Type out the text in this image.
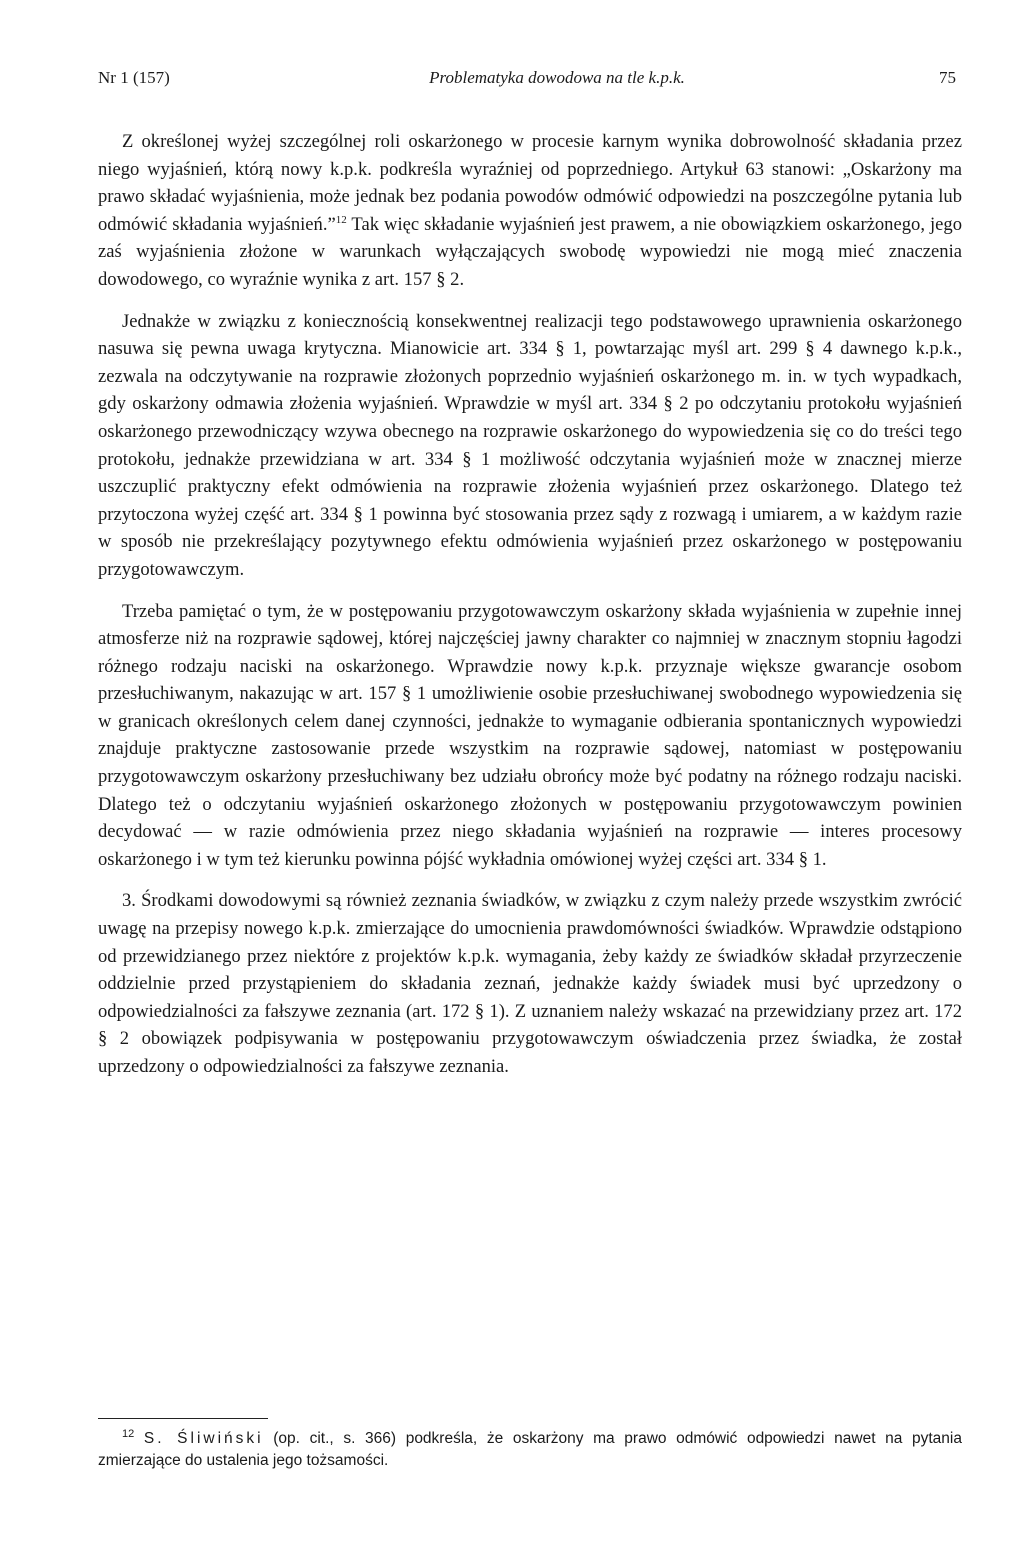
Nr 1 (157)	Problematyka dowodowa na tle k.p.k.	75

Z określonej wyżej szczególnej roli oskarżonego w procesie karnym wynika dobrowolność składania przez niego wyjaśnień, którą nowy k.p.k. podkreśla wyraźniej od poprzedniego. Artykuł 63 stanowi: „Oskarżony ma prawo składać wyjaśnienia, może jednak bez podania powodów odmówić odpowiedzi na poszczególne pytania lub odmówić składania wyjaśnień.”$^{12}$ Tak więc składanie wyjaśnień jest prawem, a nie obowiązkiem oskarżonego, jego zaś wyjaśnienia złożone w warunkach wyłączających swobodę wypowiedzi nie mogą mieć znaczenia dowodowego, co wyraźnie wynika z art. 157 § 2.

Jednakże w związku z koniecznością konsekwentnej realizacji tego podstawowego uprawnienia oskarżonego nasuwa się pewna uwaga krytyczna. Mianowicie art. 334 § 1, powtarzając myśl art. 299 § 4 dawnego k.p.k., zezwala na odczytywanie na rozprawie złożonych poprzednio wyjaśnień oskarżonego m. in. w tych wypadkach, gdy oskarżony odmawia złożenia wyjaśnień. Wprawdzie w myśl art. 334 § 2 po odczytaniu protokołu wyjaśnień oskarżonego przewodniczący wzywa obecnego na rozprawie oskarżonego do wypowiedzenia się co do treści tego protokołu, jednakże przewidziana w art. 334 § 1 możliwość odczytania wyjaśnień może w znacznej mierze uszczuplić praktyczny efekt odmówienia na rozprawie złożenia wyjaśnień przez oskarżonego. Dlatego też przytoczona wyżej część art. 334 § 1 powinna być stosowania przez sądy z rozwagą i umiarem, a w każdym razie w sposób nie przekreślający pozytywnego efektu odmówienia wyjaśnień przez oskarżonego w postępowaniu przygotowawczym.

Trzeba pamiętać o tym, że w postępowaniu przygotowawczym oskarżony składa wyjaśnienia w zupełnie innej atmosferze niż na rozprawie sądowej, której najczęściej jawny charakter co najmniej w znacznym stopniu łagodzi różnego rodzaju naciski na oskarżonego. Wprawdzie nowy k.p.k. przyznaje większe gwarancje osobom przesłuchiwanym, nakazując w art. 157 § 1 umożliwienie osobie przesłuchiwanej swobodnego wypowiedzenia się w granicach określonych celem danej czynności, jednakże to wymaganie odbierania spontanicznych wypowiedzi znajduje praktyczne zastosowanie przede wszystkim na rozprawie sądowej, natomiast w postępowaniu przygotowawczym oskarżony przesłuchiwany bez udziału obrońcy może być podatny na różnego rodzaju naciski. Dlatego też o odczytaniu wyjaśnień oskarżonego złożonych w postępowaniu przygotowawczym powinien decydować — w razie odmówienia przez niego składania wyjaśnień na rozprawie — interes procesowy oskarżonego i w tym też kierunku powinna pójść wykładnia omówionej wyżej części art. 334 § 1.

3. Środkami dowodowymi są również zeznania świadków, w związku z czym należy przede wszystkim zwrócić uwagę na przepisy nowego k.p.k. zmierzające do umocnienia prawdomówności świadków. Wprawdzie odstąpiono od przewidzianego przez niektóre z projektów k.p.k. wymagania, żeby każdy ze świadków składał przyrzeczenie oddzielnie przed przystąpieniem do składania zeznań, jednakże każdy świadek musi być uprzedzony o odpowiedzialności za fałszywe zeznania (art. 172 § 1). Z uznaniem należy wskazać na przewidziany przez art. 172 § 2 obowiązek podpisywania w postępowaniu przygotowawczym oświadczenia przez świadka, że został uprzedzony o odpowiedzialności za fałszywe zeznania.

$^{12}$ S. Śliwiński (op. cit., s. 366) podkreśla, że oskarżony ma prawo odmówić odpowiedzi nawet na pytania zmierzające do ustalenia jego tożsamości.
